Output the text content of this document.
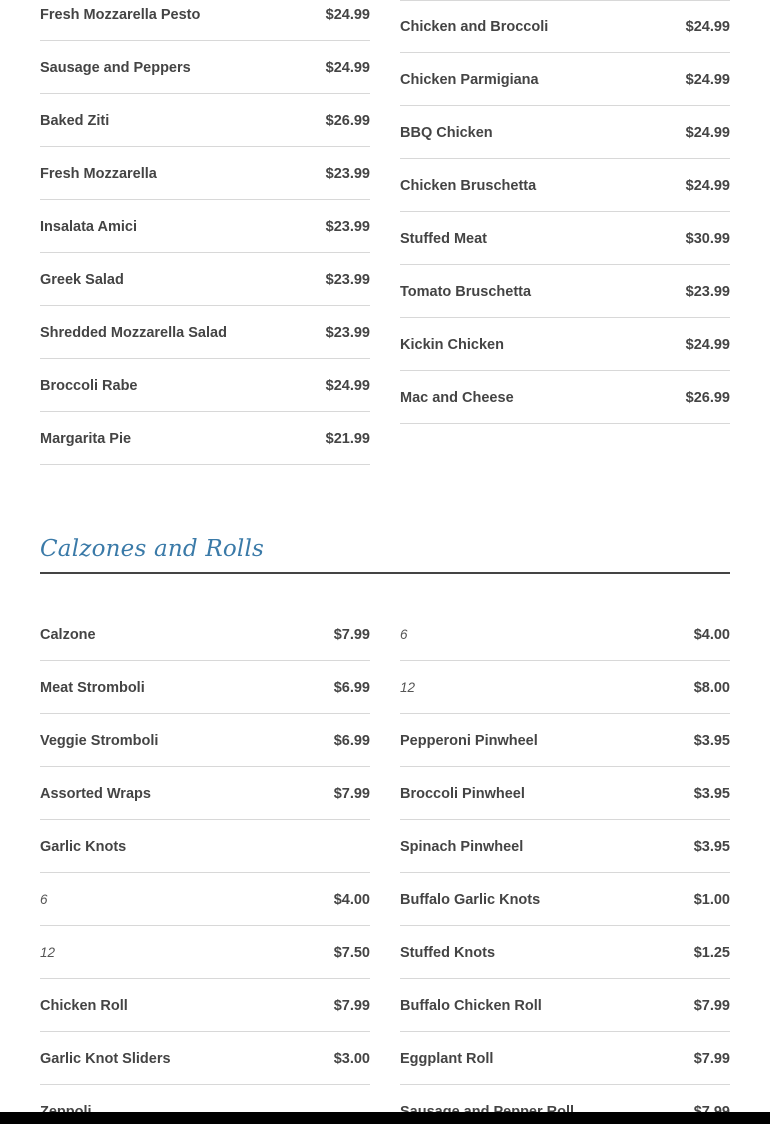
Fresh Mozzarella Pesto	$24.99
Sausage and Peppers	$24.99
Baked Ziti	$26.99
Fresh Mozzarella	$23.99
Insalata Amici	$23.99
Greek Salad	$23.99
Shredded Mozzarella Salad	$23.99
Broccoli Rabe	$24.99
Margarita Pie	$21.99
Chicken and Broccoli	$24.99
Chicken Parmigiana	$24.99
BBQ Chicken	$24.99
Chicken Bruschetta	$24.99
Stuffed Meat	$30.99
Tomato Bruschetta	$23.99
Kickin Chicken	$24.99
Mac and Cheese	$26.99
Calzones and Rolls
Calzone	$7.99
Meat Stromboli	$6.99
Veggie Stromboli	$6.99
Assorted Wraps	$7.99
Garlic Knots
6	$4.00
12	$7.50
Chicken Roll	$7.99
Garlic Knot Sliders	$3.00
6	$4.00
12	$8.00
Pepperoni Pinwheel	$3.95
Broccoli Pinwheel	$3.95
Spinach Pinwheel	$3.95
Buffalo Garlic Knots	$1.00
Stuffed Knots	$1.25
Buffalo Chicken Roll	$7.99
Eggplant Roll	$7.99
